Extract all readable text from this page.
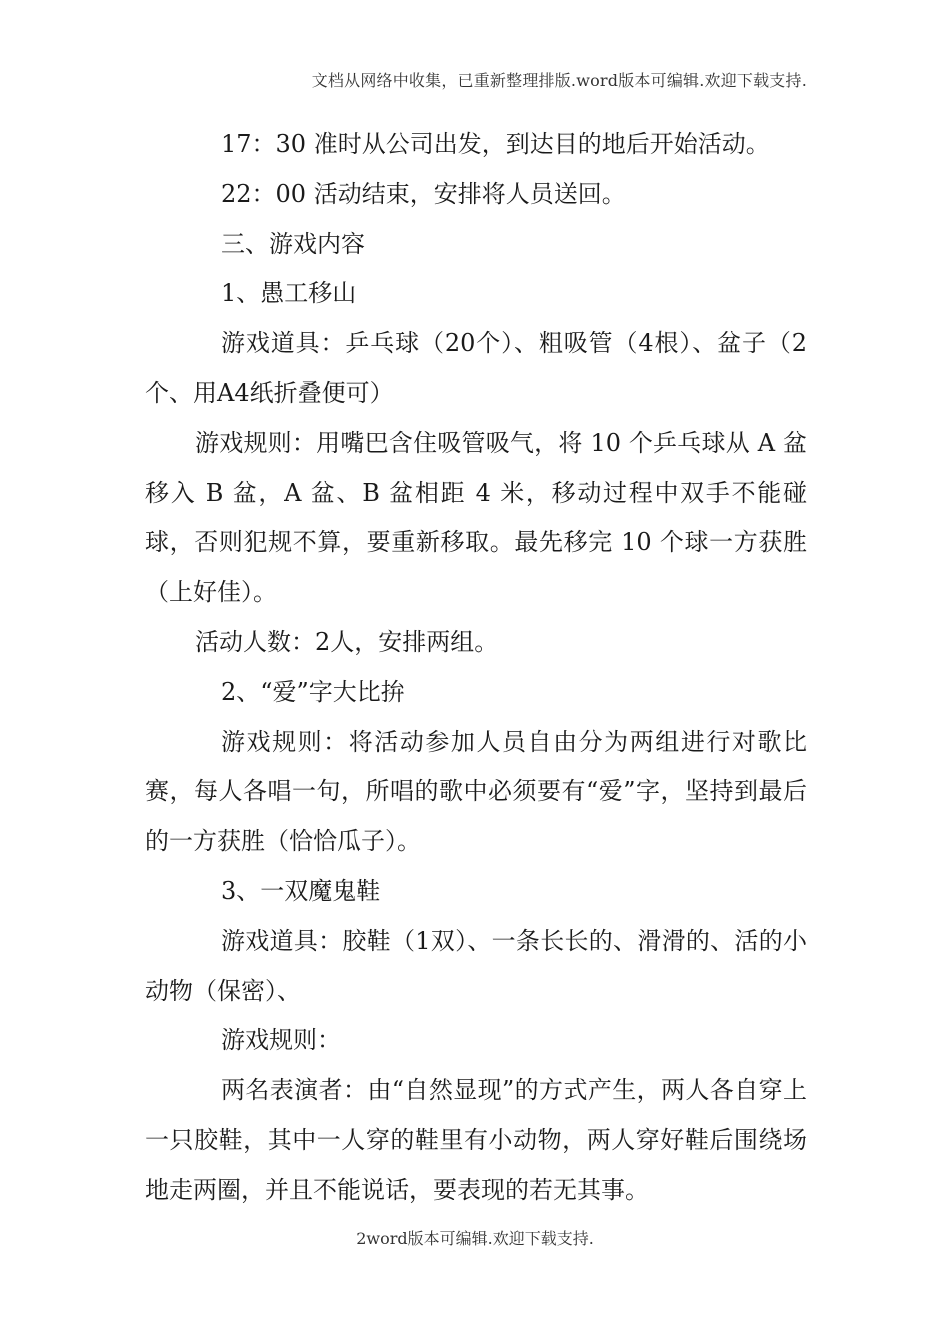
文档从网络中收集，已重新整理排版.word版本可编辑.欢迎下载支持.

17：30 准时从公司出发，到达目的地后开始活动。

22：00 活动结束，安排将人员送回。

三、游戏内容

1、愚工移山

游戏道具：乒乓球（20个）、粗吸管（4根）、盆子（2个、用A4纸折叠便可）

游戏规则：用嘴巴含住吸管吸气，将 10 个乒乓球从 A 盆移入 B 盆，A 盆、B 盆相距 4 米，移动过程中双手不能碰球，否则犯规不算，要重新移取。最先移完 10 个球一方获胜（上好佳）。

活动人数：2人，安排两组。

2、“爱”字大比拚

游戏规则：将活动参加人员自由分为两组进行对歌比赛，每人各唱一句，所唱的歌中必须要有“爱”字，坚持到最后的一方获胜（恰恰瓜子）。

3、一双魔鬼鞋

游戏道具：胶鞋（1双）、一条长长的、滑滑的、活的小动物（保密）、

游戏规则：

两名表演者：由“自然显现”的方式产生，两人各自穿上一只胶鞋，其中一人穿的鞋里有小动物，两人穿好鞋后围绕场地走两圈，并且不能说话，要表现的若无其事。

2word版本可编辑.欢迎下载支持.
